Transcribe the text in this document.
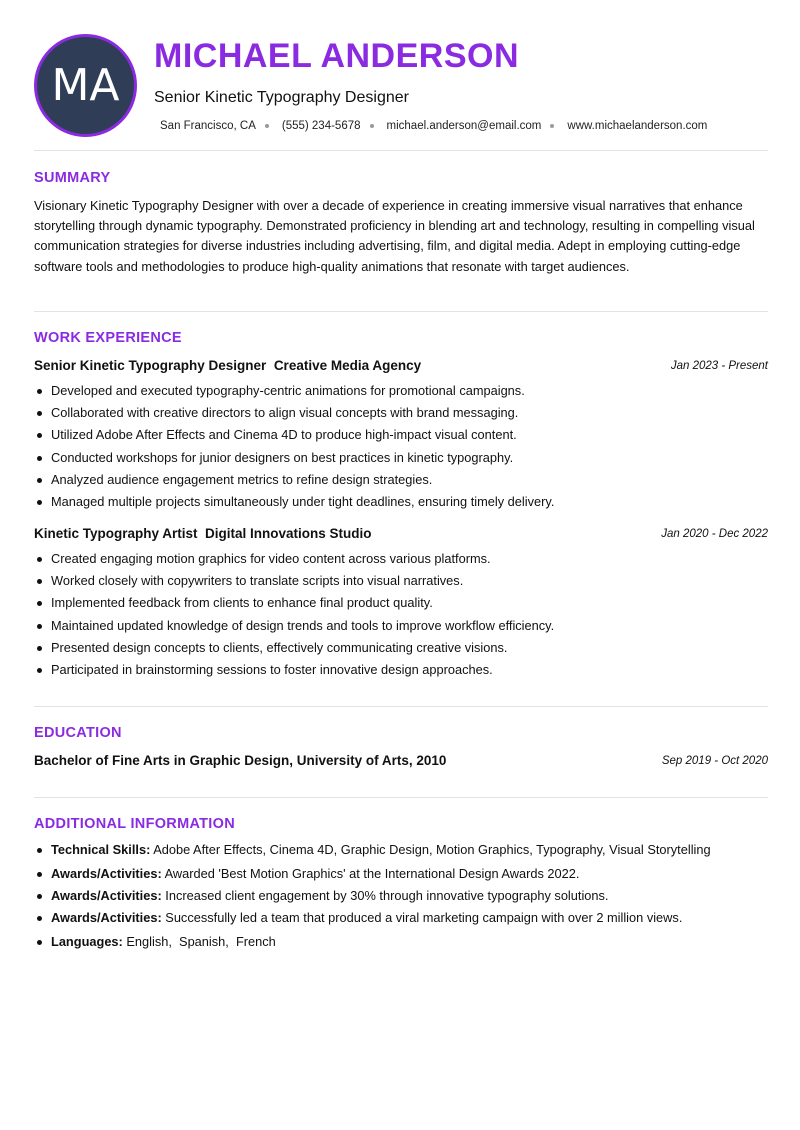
MA
MICHAEL ANDERSON
Senior Kinetic Typography Designer
San Francisco, CA (555) 234-5678 michael.anderson@email.com www.michaelanderson.com
SUMMARY

Visionary Kinetic Typography Designer with over a decade of experience in creating immersive visual narratives that enhance storytelling through dynamic typography. Demonstrated proficiency in blending art and technology, resulting in compelling visual communication strategies for diverse industries including advertising, film, and digital media. Adept in employing cutting-edge software tools and methodologies to produce high-quality animations that resonate with target audiences.

WORK EXPERIENCE
Senior Kinetic Typography Designer Creative Media Agency	Jan 2023 - Present
Developed and executed typography-centric animations for promotional campaigns.
Collaborated with creative directors to align visual concepts with brand messaging.
Utilized Adobe After Effects and Cinema 4D to produce high-impact visual content.
Conducted workshops for junior designers on best practices in kinetic typography.
Analyzed audience engagement metrics to refine design strategies.
Managed multiple projects simultaneously under tight deadlines, ensuring timely delivery.
Kinetic Typography Artist Digital Innovations Studio	Jan 2020 - Dec 2022
Created engaging motion graphics for video content across various platforms.
Worked closely with copywriters to translate scripts into visual narratives.
Implemented feedback from clients to enhance final product quality.
Maintained updated knowledge of design trends and tools to improve workflow efficiency.
Presented design concepts to clients, effectively communicating creative visions.
Participated in brainstorming sessions to foster innovative design approaches.
EDUCATION
Bachelor of Fine Arts in Graphic Design, University of Arts, 2010	Sep 2019 - Oct 2020
ADDITIONAL INFORMATION
Technical Skills: Adobe After Effects, Cinema 4D, Graphic Design, Motion Graphics, Typography, Visual Storytelling
Awards/Activities: Awarded 'Best Motion Graphics' at the International Design Awards 2022.
Awards/Activities: Increased client engagement by 30% through innovative typography solutions.
Awards/Activities: Successfully led a team that produced a viral marketing campaign with over 2 million views.
Languages: English,  Spanish,  French
